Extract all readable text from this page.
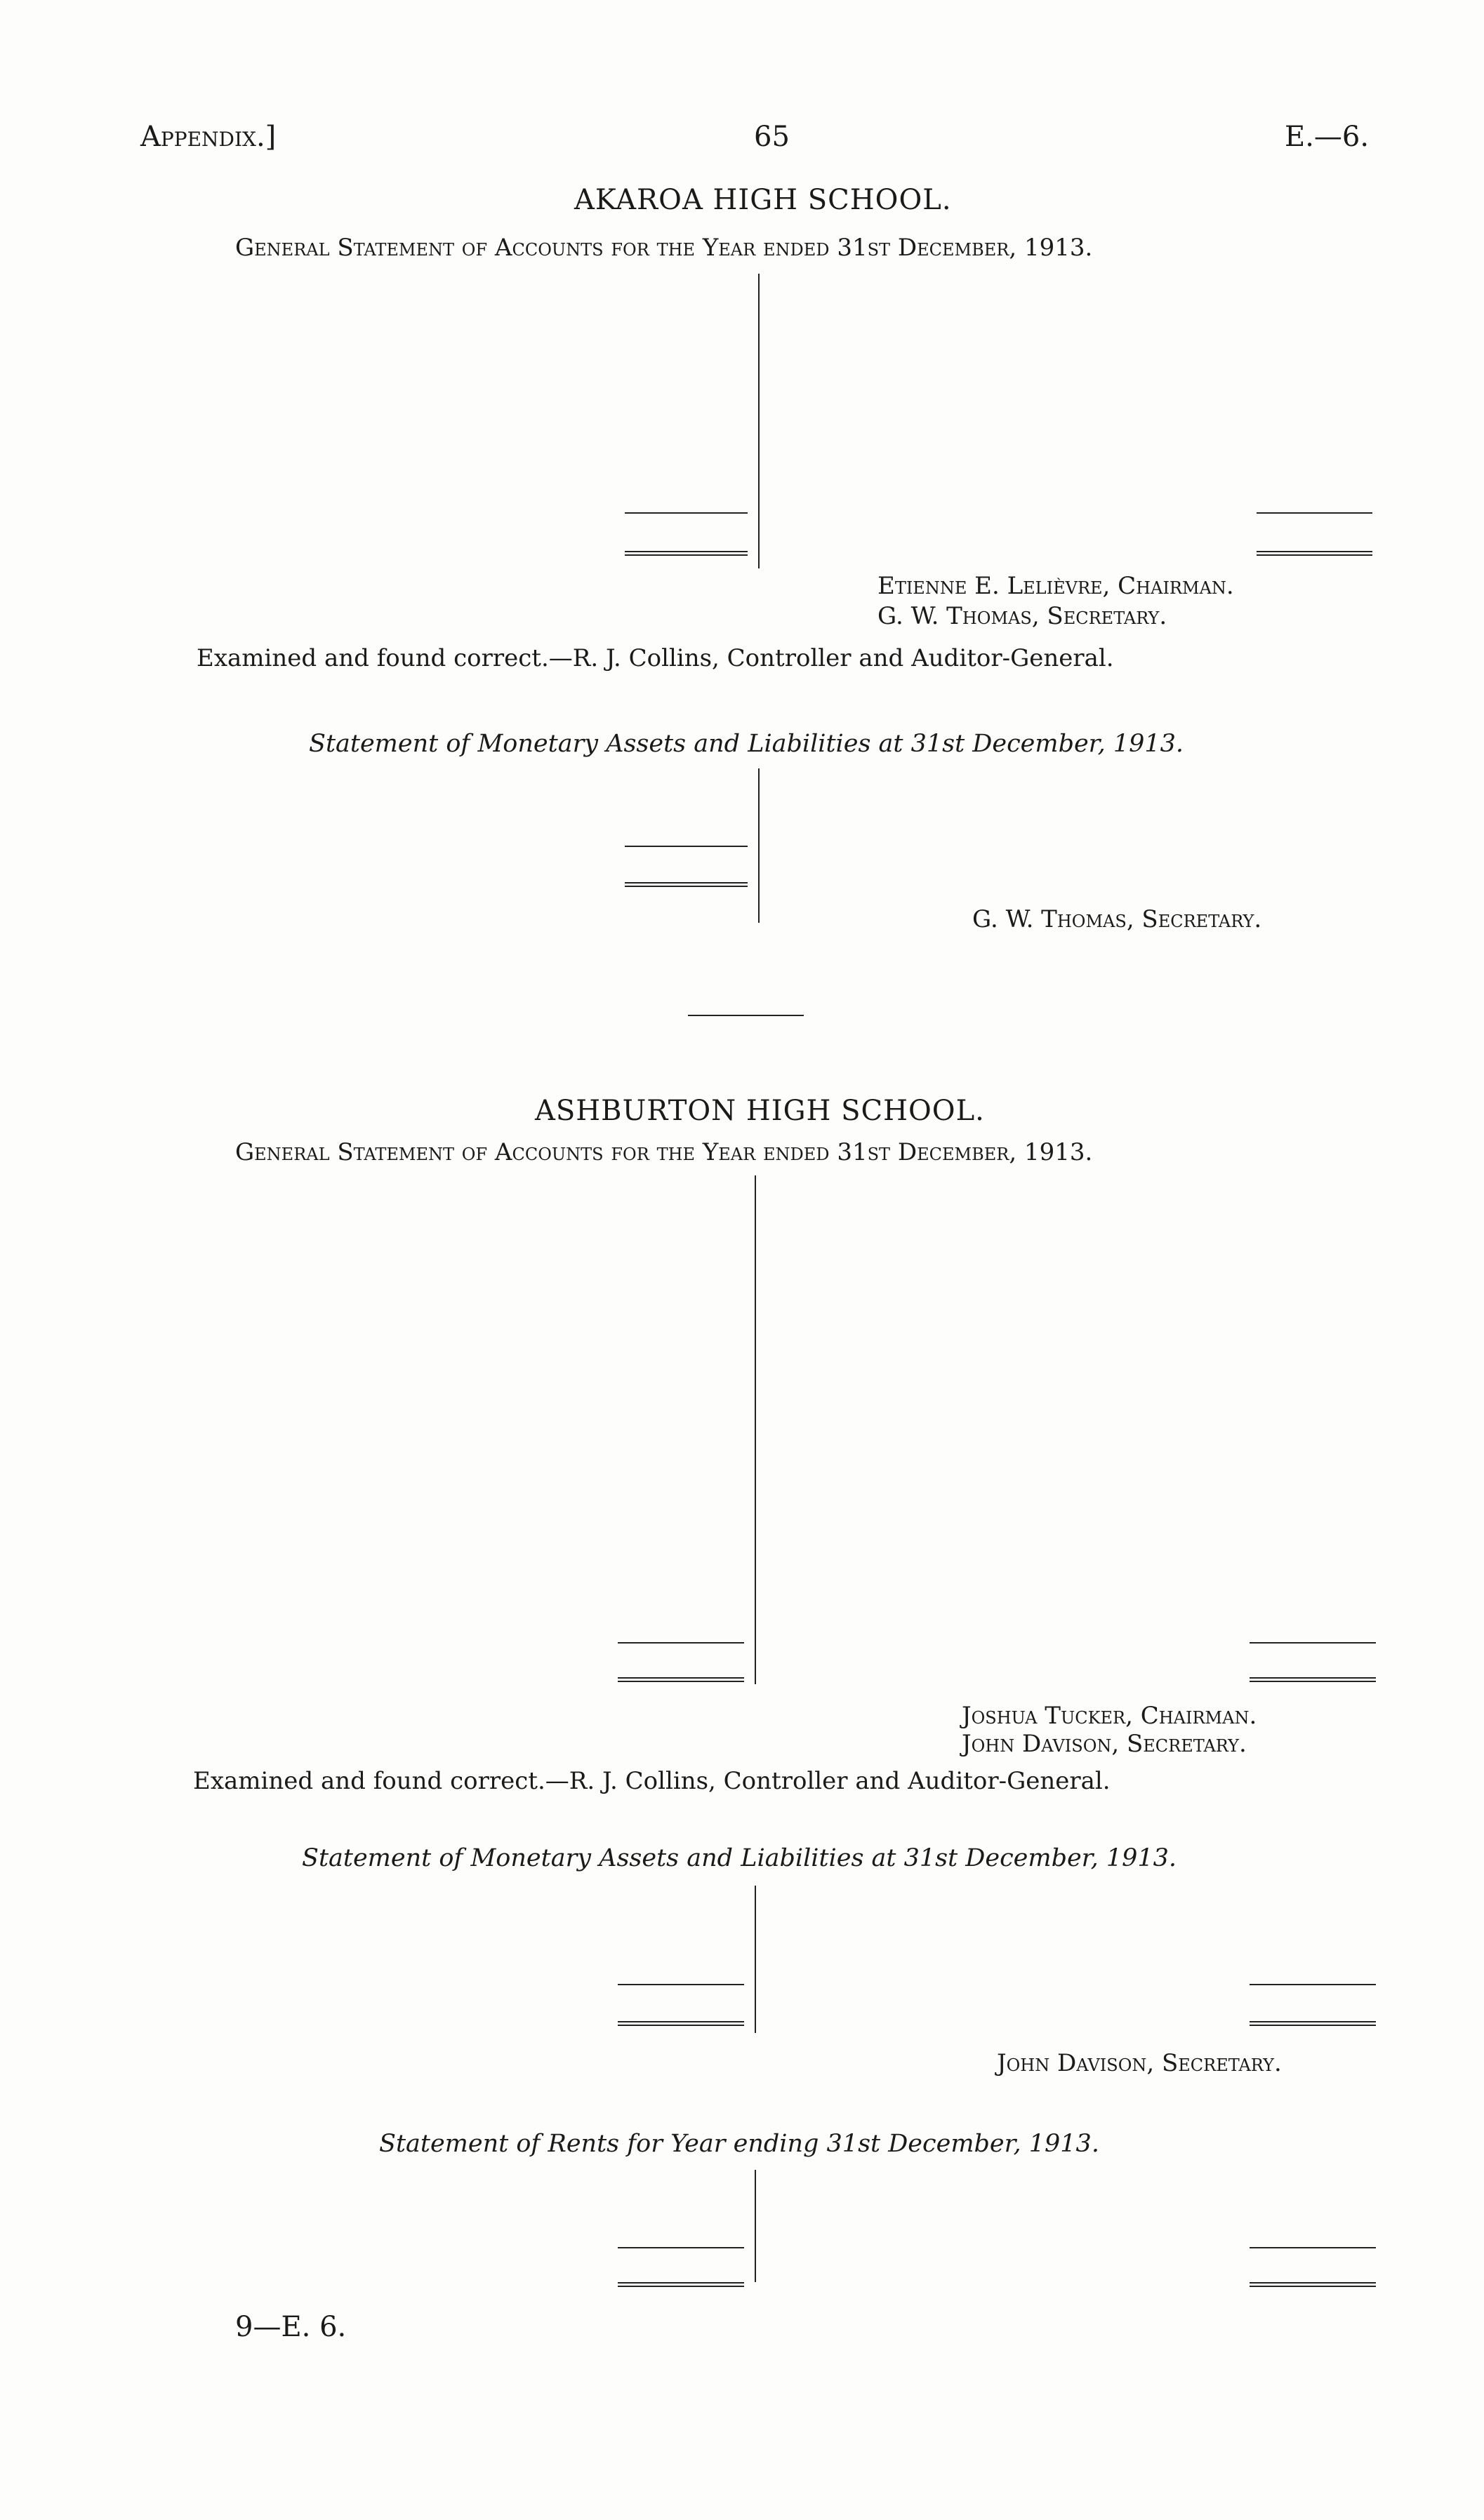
Appendix.]	65	E.—6.
AKAROA HIGH SCHOOL.
General Statement of Accounts for the Year ended 31st December, 1913.
Etienne E. Lelièvre, Chairman.
G. W. Thomas, Secretary.
Examined and found correct.—R. J. Collins, Controller and Auditor-General.
Statement of Monetary Assets and Liabilities at 31st December, 1913.
G. W. Thomas, Secretary.
ASHBURTON HIGH SCHOOL.
General Statement of Accounts for the Year ended 31st December, 1913.
Joshua Tucker, Chairman.
John Davison, Secretary.
Examined and found correct.—R. J. Collins, Controller and Auditor-General.
Statement of Monetary Assets and Liabilities at 31st December, 1913.
John Davison, Secretary.
Statement of Rents for Year ending 31st December, 1913.
9—E. 6.
